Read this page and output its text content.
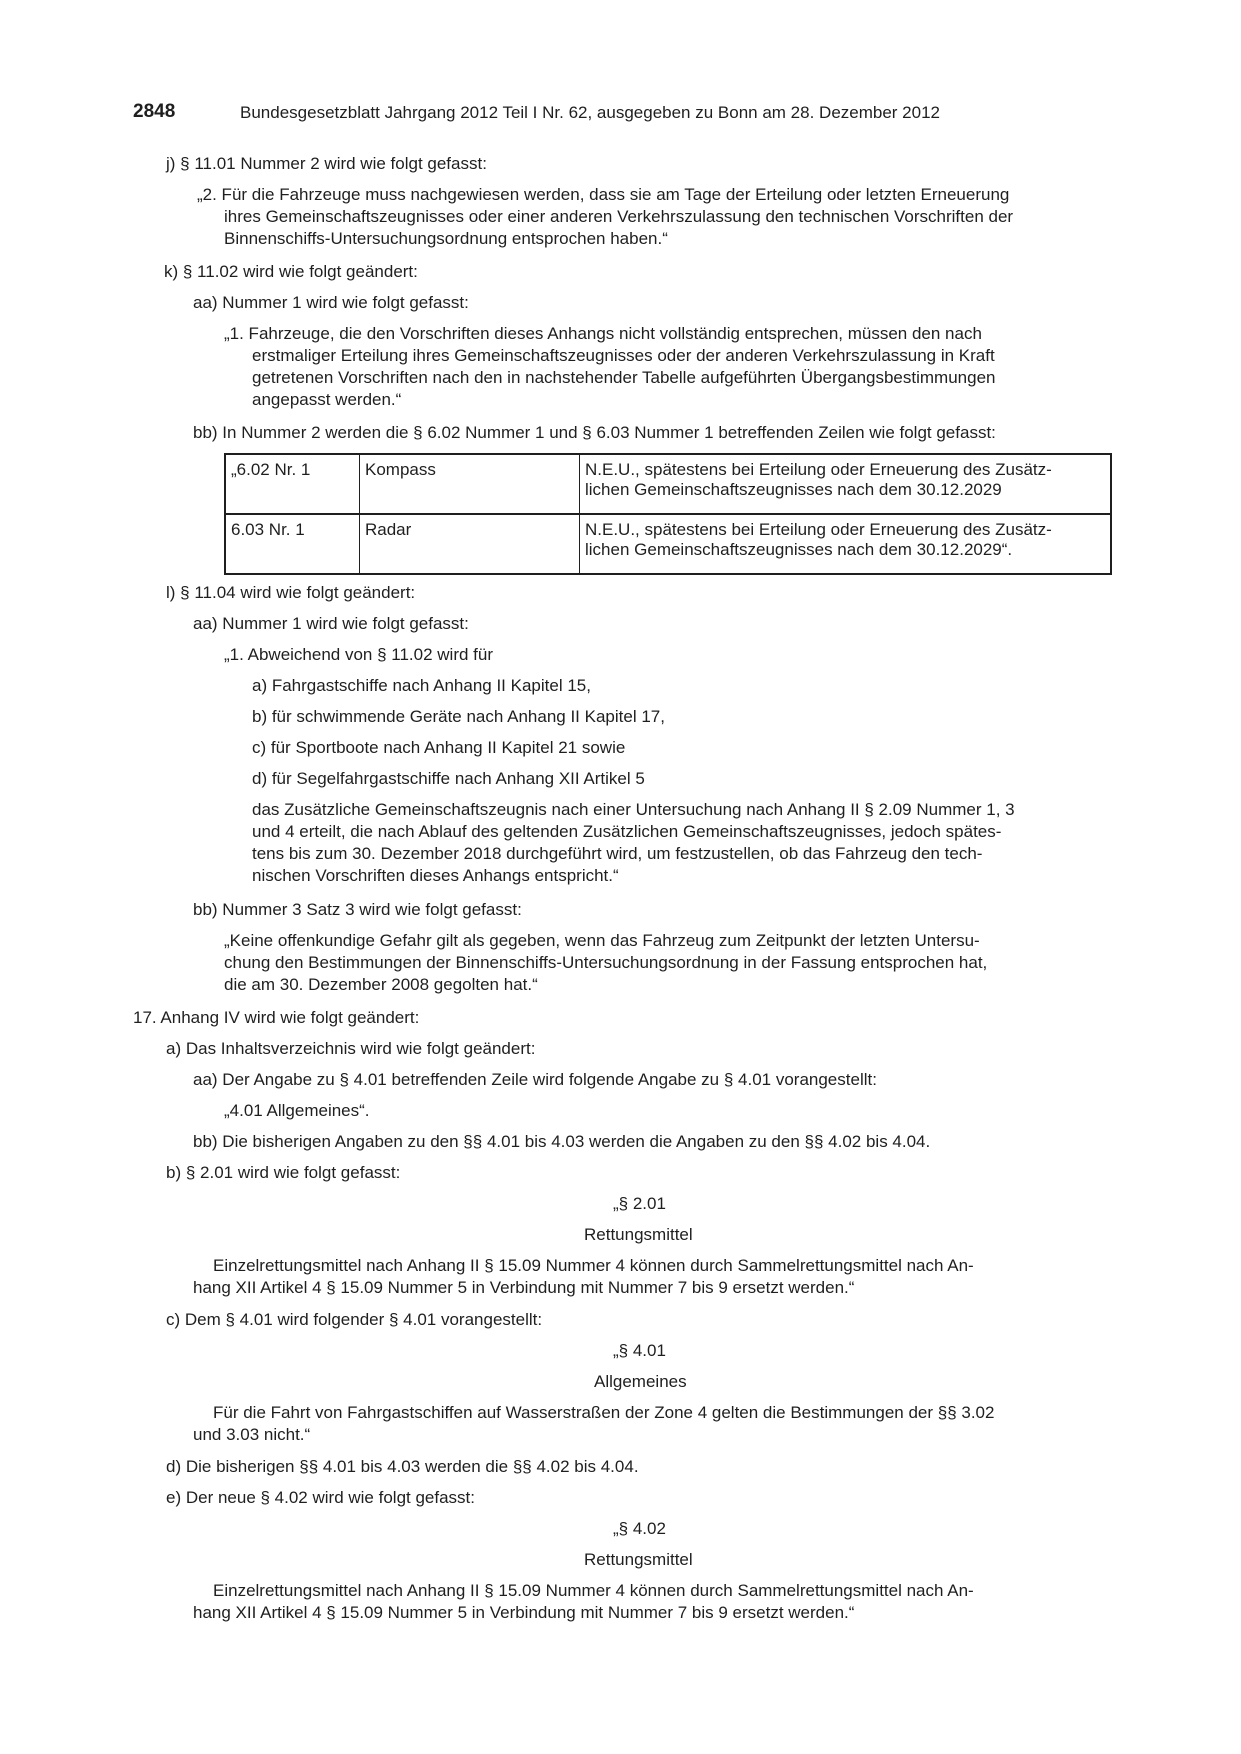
2848	Bundesgesetzblatt Jahrgang 2012 Teil I Nr. 62, ausgegeben zu Bonn am 28. Dezember 2012
j) § 11.01 Nummer 2 wird wie folgt gefasst:
„2. Für die Fahrzeuge muss nachgewiesen werden, dass sie am Tage der Erteilung oder letzten Erneuerung
ihres Gemeinschaftszeugnisses oder einer anderen Verkehrszulassung den technischen Vorschriften der
Binnenschiffs-Untersuchungsordnung entsprochen haben.“
k) § 11.02 wird wie folgt geändert:
aa) Nummer 1 wird wie folgt gefasst:
„1. Fahrzeuge, die den Vorschriften dieses Anhangs nicht vollständig entsprechen, müssen den nach
erstmaliger Erteilung ihres Gemeinschaftszeugnisses oder der anderen Verkehrszulassung in Kraft
getretenen Vorschriften nach den in nachstehender Tabelle aufgeführten Übergangsbestimmungen
angepasst werden.“
bb) In Nummer 2 werden die § 6.02 Nummer 1 und § 6.03 Nummer 1 betreffenden Zeilen wie folgt gefasst:
„6.02 Nr. 1	Kompass	N.E.U., spätestens bei Erteilung oder Erneuerung des Zusätz-
lichen Gemeinschaftszeugnisses nach dem 30.12.2029

6.03 Nr. 1	Radar	N.E.U., spätestens bei Erteilung oder Erneuerung des Zusätz-
lichen Gemeinschaftszeugnisses nach dem 30.12.2029“.
l) § 11.04 wird wie folgt geändert:
aa) Nummer 1 wird wie folgt gefasst:
„1. Abweichend von § 11.02 wird für
a) Fahrgastschiffe nach Anhang II Kapitel 15,
b) für schwimmende Geräte nach Anhang II Kapitel 17,
c) für Sportboote nach Anhang II Kapitel 21 sowie
d) für Segelfahrgastschiffe nach Anhang XII Artikel 5
das Zusätzliche Gemeinschaftszeugnis nach einer Untersuchung nach Anhang II § 2.09 Nummer 1, 3
und 4 erteilt, die nach Ablauf des geltenden Zusätzlichen Gemeinschaftszeugnisses, jedoch spätes-
tens bis zum 30. Dezember 2018 durchgeführt wird, um festzustellen, ob das Fahrzeug den tech-
nischen Vorschriften dieses Anhangs entspricht.“
bb) Nummer 3 Satz 3 wird wie folgt gefasst:
„Keine offenkundige Gefahr gilt als gegeben, wenn das Fahrzeug zum Zeitpunkt der letzten Untersu-
chung den Bestimmungen der Binnenschiffs-Untersuchungsordnung in der Fassung entsprochen hat,
die am 30. Dezember 2008 gegolten hat.“
17. Anhang IV wird wie folgt geändert:
a) Das Inhaltsverzeichnis wird wie folgt geändert:
aa) Der Angabe zu § 4.01 betreffenden Zeile wird folgende Angabe zu § 4.01 vorangestellt:
„4.01 Allgemeines“.
bb) Die bisherigen Angaben zu den §§ 4.01 bis 4.03 werden die Angaben zu den §§ 4.02 bis 4.04.
b) § 2.01 wird wie folgt gefasst:
„§ 2.01
Rettungsmittel
Einzelrettungsmittel nach Anhang II § 15.09 Nummer 4 können durch Sammelrettungsmittel nach An-
hang XII Artikel 4 § 15.09 Nummer 5 in Verbindung mit Nummer 7 bis 9 ersetzt werden.“
c) Dem § 4.01 wird folgender § 4.01 vorangestellt:
„§ 4.01
Allgemeines
Für die Fahrt von Fahrgastschiffen auf Wasserstraßen der Zone 4 gelten die Bestimmungen der §§ 3.02
und 3.03 nicht.“
d) Die bisherigen §§ 4.01 bis 4.03 werden die §§ 4.02 bis 4.04.
e) Der neue § 4.02 wird wie folgt gefasst:
„§ 4.02
Rettungsmittel
Einzelrettungsmittel nach Anhang II § 15.09 Nummer 4 können durch Sammelrettungsmittel nach An-
hang XII Artikel 4 § 15.09 Nummer 5 in Verbindung mit Nummer 7 bis 9 ersetzt werden.“
